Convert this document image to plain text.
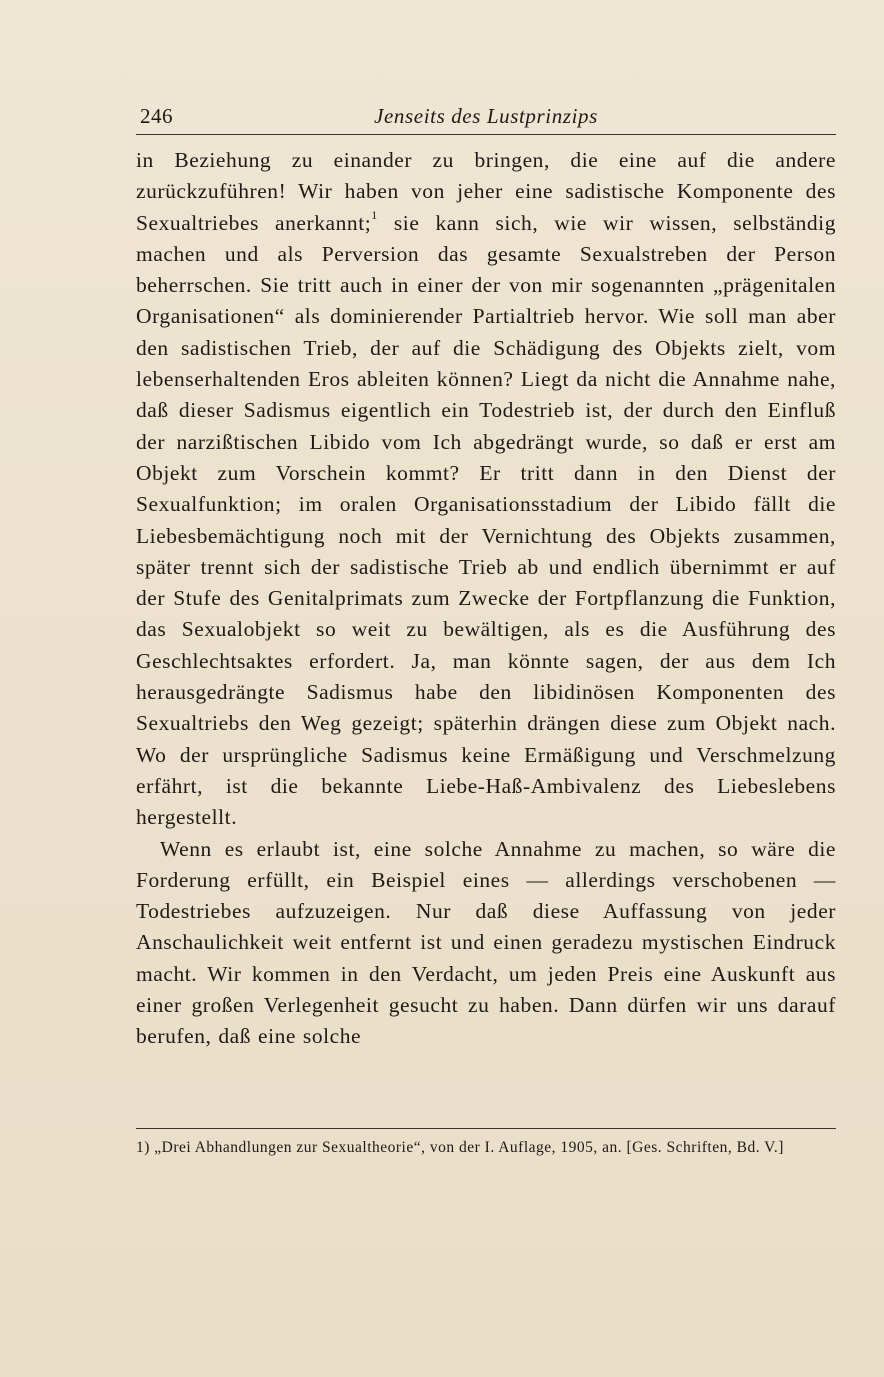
246	Jenseits des Lustprinzips

in Beziehung zu einander zu bringen, die eine auf die andere zurückzuführen! Wir haben von jeher eine sadistische Komponente des Sexualtriebes anerkannt;$^1$ sie kann sich, wie wir wissen, selbständig machen und als Perversion das gesamte Sexualstreben der Person beherrschen. Sie tritt auch in einer der von mir sogenannten „prägenitalen Organisationen“ als dominierender Partialtrieb hervor. Wie soll man aber den sadistischen Trieb, der auf die Schädigung des Objekts zielt, vom lebenserhaltenden Eros ableiten können? Liegt da nicht die Annahme nahe, daß dieser Sadismus eigentlich ein Todestrieb ist, der durch den Einfluß der narzißtischen Libido vom Ich abgedrängt wurde, so daß er erst am Objekt zum Vorschein kommt? Er tritt dann in den Dienst der Sexualfunktion; im oralen Organisationsstadium der Libido fällt die Liebesbemächtigung noch mit der Vernichtung des Objekts zusammen, später trennt sich der sadistische Trieb ab und endlich übernimmt er auf der Stufe des Genitalprimats zum Zwecke der Fortpflanzung die Funktion, das Sexualobjekt so weit zu bewältigen, als es die Ausführung des Geschlechtsaktes erfordert. Ja, man könnte sagen, der aus dem Ich herausgedrängte Sadismus habe den libidinösen Komponenten des Sexualtriebs den Weg gezeigt; späterhin drängen diese zum Objekt nach. Wo der ursprüngliche Sadismus keine Ermäßigung und Verschmelzung erfährt, ist die bekannte Liebe-Haß-Ambivalenz des Liebeslebens hergestellt.

Wenn es erlaubt ist, eine solche Annahme zu machen, so wäre die Forderung erfüllt, ein Beispiel eines — allerdings verschobenen — Todestriebes aufzuzeigen. Nur daß diese Auffassung von jeder Anschaulichkeit weit entfernt ist und einen geradezu mystischen Eindruck macht. Wir kommen in den Verdacht, um jeden Preis eine Auskunft aus einer großen Verlegenheit gesucht zu haben. Dann dürfen wir uns darauf berufen, daß eine solche

1) „Drei Abhandlungen zur Sexualtheorie“, von der I. Auflage, 1905, an. [Ges. Schriften, Bd. V.]
